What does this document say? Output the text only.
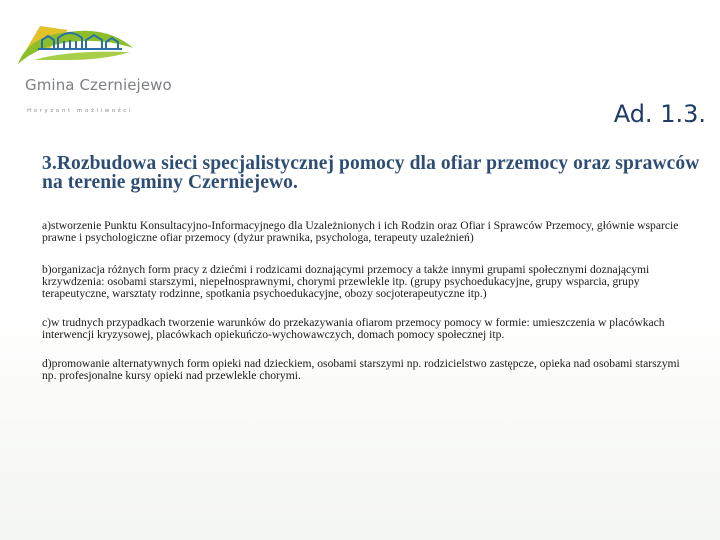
Gmina Czerniejewo
Horyzont możliwości	Ad. 1.3.
3.Rozbudowa sieci specjalistycznej pomocy dla ofiar przemocy oraz sprawców na terenie gminy Czerniejewo.

a)stworzenie Punktu Konsultacyjno-Informacyjnego dla Uzależnionych i ich Rodzin oraz Ofiar i Sprawców Przemocy, głównie wsparcie prawne i psychologiczne ofiar przemocy (dyżur prawnika, psychologa, terapeuty uzależnień)

b)organizacja różnych form pracy z dziećmi i rodzicami doznającymi przemocy a także innymi grupami społecznymi doznającymi krzywdzenia: osobami starszymi, niepełnosprawnymi, chorymi przewlekle itp. (grupy psychoedukacyjne, grupy wsparcia, grupy terapeutyczne, warsztaty rodzinne, spotkania psychoedukacyjne, obozy socjoterapeutyczne itp.)

c)w trudnych przypadkach tworzenie warunków do przekazywania ofiarom przemocy pomocy w formie: umieszczenia w placówkach interwencji kryzysowej, placówkach opiekuńczo-wychowawczych, domach pomocy społecznej itp.

d)promowanie alternatywnych form opieki nad dzieckiem, osobami starszymi np. rodzicielstwo zastępcze, opieka nad osobami starszymi np. profesjonalne kursy opieki nad przewlekle chorymi.
